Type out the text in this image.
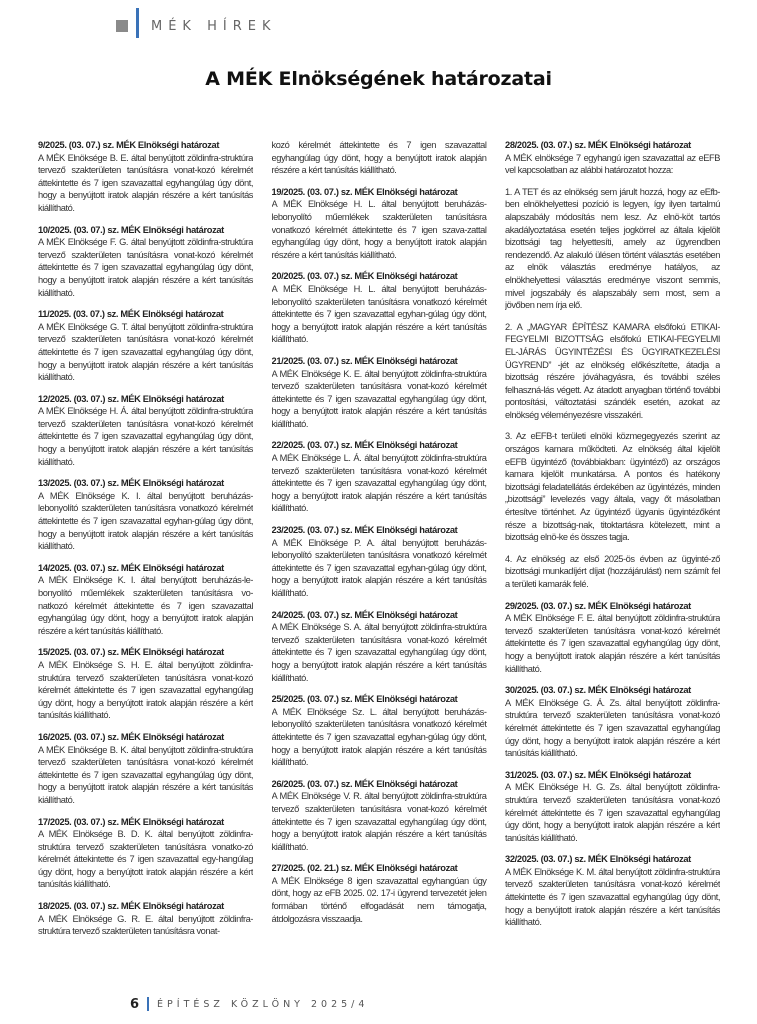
MÉK HÍREK
A MÉK Elnökségének határozatai
9/2025. (03. 07.) sz. MÉK Elnökségi határozat

A MÉK Elnöksége B. E. által benyújtott zöldinfra-struktúra tervező szakterületen tanúsításra vonat-kozó kérelmét áttekintette és 7 igen szavazattal egyhangúlag úgy dönt, hogy a benyújtott iratok alapján részére a kért tanúsítás kiállítható.

10/2025. (03. 07.) sz. MÉK Elnökségi határozat

A MÉK Elnöksége F. G. által benyújtott zöldinfra-struktúra tervező szakterületen tanúsításra vonat-kozó kérelmét áttekintette és 7 igen szavazattal egyhangúlag úgy dönt, hogy a benyújtott iratok alapján részére a kért tanúsítás kiállítható.

11/2025. (03. 07.) sz. MÉK Elnökségi határozat

A MÉK Elnöksége G. T. által benyújtott zöldinfra-struktúra tervező szakterületen tanúsításra vonat-kozó kérelmét áttekintette és 7 igen szavazattal egyhangúlag úgy dönt, hogy a benyújtott iratok alapján részére a kért tanúsítás kiállítható.

12/2025. (03. 07.) sz. MÉK Elnökségi határozat

A MÉK Elnöksége H. Á. által benyújtott zöldinfra-struktúra tervező szakterületen tanúsításra vonat-kozó kérelmét áttekintette és 7 igen szavazattal egyhangúlag úgy dönt, hogy a benyújtott iratok alapján részére a kért tanúsítás kiállítható.

13/2025. (03. 07.) sz. MÉK Elnökségi határozat

A MÉK Elnöksége K. I. által benyújtott beruházás-lebonyolító szakterületen tanúsításra vonatkozó kérelmét áttekintette és 7 igen szavazattal egyhan-gúlag úgy dönt, hogy a benyújtott iratok alapján részére a kért tanúsítás kiállítható.

14/2025. (03. 07.) sz. MÉK Elnökségi határozat

A MÉK Elnöksége K. I. által benyújtott beruházás-le-bonyolító műemlékek szakterületen tanúsításra vo-natkozó kérelmét áttekintette és 7 igen szavazattal egyhangúlag úgy dönt, hogy a benyújtott iratok alapján részére a kért tanúsítás kiállítható.

15/2025. (03. 07.) sz. MÉK Elnökségi határozat

A MÉK Elnöksége S. H. E. által benyújtott zöldinfra-struktúra tervező szakterületen tanúsításra vonat-kozó kérelmét áttekintette és 7 igen szavazattal egyhangúlag úgy dönt, hogy a benyújtott iratok alapján részére a kért tanúsítás kiállítható.

16/2025. (03. 07.) sz. MÉK Elnökségi határozat

A MÉK Elnöksége B. K. által benyújtott zöldinfra-struktúra tervező szakterületen tanúsításra vonat-kozó kérelmét áttekintette és 7 igen szavazattal egyhangúlag úgy dönt, hogy a benyújtott iratok alapján részére a kért tanúsítás kiállítható.

17/2025. (03. 07.) sz. MÉK Elnökségi határozat

A MÉK Elnöksége B. D. K. által benyújtott zöldinfra-struktúra tervező szakterületen tanúsításra vonatko-zó kérelmét áttekintette és 7 igen szavazattal egy-hangúlag úgy dönt, hogy a benyújtott iratok alapján részére a kért tanúsítás kiállítható.

18/2025. (03. 07.) sz. MÉK Elnökségi határozat

A MÉK Elnöksége G. R. E. által benyújtott zöldinfra-struktúra tervező szakterületen tanúsításra vonat-

kozó kérelmét áttekintette és 7 igen szavazattal egyhangúlag úgy dönt, hogy a benyújtott iratok alapján részére a kért tanúsítás kiállítható.

19/2025. (03. 07.) sz. MÉK Elnökségi határozat

A MÉK Elnöksége H. L. által benyújtott beruházás-lebonyolító műemlékek szakterületen tanúsításra vonatkozó kérelmét áttekintette és 7 igen szava-zattal egyhangúlag úgy dönt, hogy a benyújtott iratok alapján részére a kért tanúsítás kiállítható.

20/2025. (03. 07.) sz. MÉK Elnökségi határozat

A MÉK Elnöksége H. L. által benyújtott beruházás-lebonyolító szakterületen tanúsításra vonatkozó kérelmét áttekintette és 7 igen szavazattal egyhan-gúlag úgy dönt, hogy a benyújtott iratok alapján részére a kért tanúsítás kiállítható.

21/2025. (03. 07.) sz. MÉK Elnökségi határozat

A MÉK Elnöksége K. E. által benyújtott zöldinfra-struktúra tervező szakterületen tanúsításra vonat-kozó kérelmét áttekintette és 7 igen szavazattal egyhangúlag úgy dönt, hogy a benyújtott iratok alapján részére a kért tanúsítás kiállítható.

22/2025. (03. 07.) sz. MÉK Elnökségi határozat

A MÉK Elnöksége L. Á. által benyújtott zöldinfra-struktúra tervező szakterületen tanúsításra vonat-kozó kérelmét áttekintette és 7 igen szavazattal egyhangúlag úgy dönt, hogy a benyújtott iratok alapján részére a kért tanúsítás kiállítható.

23/2025. (03. 07.) sz. MÉK Elnökségi határozat

A MÉK Elnöksége P. A. által benyújtott beruházás-lebonyolító szakterületen tanúsításra vonatkozó kérelmét áttekintette és 7 igen szavazattal egyhan-gúlag úgy dönt, hogy a benyújtott iratok alapján részére a kért tanúsítás kiállítható.

24/2025. (03. 07.) sz. MÉK Elnökségi határozat

A MÉK Elnöksége S. A. által benyújtott zöldinfra-struktúra tervező szakterületen tanúsításra vonat-kozó kérelmét áttekintette és 7 igen szavazattal egyhangúlag úgy dönt, hogy a benyújtott iratok alapján részére a kért tanúsítás kiállítható.

25/2025. (03. 07.) sz. MÉK Elnökségi határozat

A MÉK Elnöksége Sz. L. által benyújtott beruházás-lebonyolító szakterületen tanúsításra vonatkozó kérelmét áttekintette és 7 igen szavazattal egyhan-gúlag úgy dönt, hogy a benyújtott iratok alapján részére a kért tanúsítás kiállítható.

26/2025. (03. 07.) sz. MÉK Elnökségi határozat

A MÉK Elnöksége V. R. által benyújtott zöldinfra-struktúra tervező szakterületen tanúsításra vonat-kozó kérelmét áttekintette és 7 igen szavazattal egyhangúlag úgy dönt, hogy a benyújtott iratok alapján részére a kért tanúsítás kiállítható.

27/2025. (02. 21.) sz. MÉK Elnökségi határozat

A MÉK Elnöksége 8 igen szavazattal egyhangúan úgy dönt, hogy az eFB 2025. 02. 17-i ügyrend tervezetét jelen formában történő elfogadását nem támogatja, átdolgozásra visszaadja.

28/2025. (03. 07.) sz. MÉK Elnökségi határozat

A MÉK elnöksége 7 egyhangú igen szavazattal az eEFB vel kapcsolatban az alábbi határozatot hozza:

1. A TET és az elnökség sem járult hozzá, hogy az eEfb-ben elnökhelyettesi pozíció is legyen, így ilyen tartalmú alapszabály módosítás nem lesz. Az elnö-köt tartós akadályoztatása esetén teljes jogkörrel az általa kijelölt bizottsági tag helyettesíti, amely az ügyrendben rendezendő. Az alakuló ülésen történt választás esetében az elnök választás eredménye hatályos, az elnökhelyettesi választás eredménye viszont semmis, mivel jogszabály és alapszabály sem most, sem a jövőben nem írja elő.

2. A „MAGYAR ÉPÍTÉSZ KAMARA elsőfokú ETIKAI-FEGYELMI BIZOTTSÁG elsőfokú ETIKAI-FEGYELMI EL-JÁRÁS ÜGYINTÉZÉSI ÉS ÜGYIRATKEZELÉSI ÜGYREND” -jét az elnökség előkészítette, átadja a bizottság részére jóváhagyásra, és további széles felhaszná-lás végett. Az átadott anyagban történő további pontosítási, változtatási szándék esetén, azokat az elnökség véleményezésre visszakéri.

3. Az eEFB-t területi elnöki közmegegyezés szerint az országos kamara működteti. Az elnökség által kijelölt eEFB ügyintéző (továbbiakban: ügyintéző) az országos kamara kijelölt munkatársa. A pontos és hatékony bizottsági feladatellátás érdekében az ügyintézés, minden „bizottsági” levelezés vagy általa, vagy őt másolatban értesítve történhet. Az ügyintéző ügyanis ügyintézőként része a bizottság-nak, titoktartásra kötelezett, mint a bizottság elnö-ke és összes tagja.

4. Az elnökség az első 2025-ös évben az ügyinté-ző bizottsági munkadíjért díjat (hozzájárulást) nem számít fel a területi kamarák felé.

29/2025. (03. 07.) sz. MÉK Elnökségi határozat

A MÉK Elnöksége F. E. által benyújtott zöldinfra-struktúra tervező szakterületen tanúsításra vonat-kozó kérelmét áttekintette és 7 igen szavazattal egyhangúlag úgy dönt, hogy a benyújtott iratok alapján részére a kért tanúsítás kiállítható.

30/2025. (03. 07.) sz. MÉK Elnökségi határozat

A MÉK Elnöksége G. Á. Zs. által benyújtott zöldinfra-struktúra tervező szakterületen tanúsításra vonat-kozó kérelmét áttekintette és 7 igen szavazattal egyhangúlag úgy dönt, hogy a benyújtott iratok alapján részére a kért tanúsítás kiállítható.

31/2025. (03. 07.) sz. MÉK Elnökségi határozat

A MÉK Elnöksége H. G. Zs. által benyújtott zöldinfra-struktúra tervező szakterületen tanúsításra vonat-kozó kérelmét áttekintette és 7 igen szavazattal egyhangúlag úgy dönt, hogy a benyújtott iratok alapján részére a kért tanúsítás kiállítható.

32/2025. (03. 07.) sz. MÉK Elnökségi határozat

A MÉK Elnöksége K. M. által benyújtott zöldinfra-struktúra tervező szakterületen tanúsításra vonat-kozó kérelmét áttekintette és 7 igen szavazattal egyhangúlag úgy dönt, hogy a benyújtott iratok alapján részére a kért tanúsítás kiállítható.

6 ÉPÍTÉSZ KÖZLÖNY 2025/4
